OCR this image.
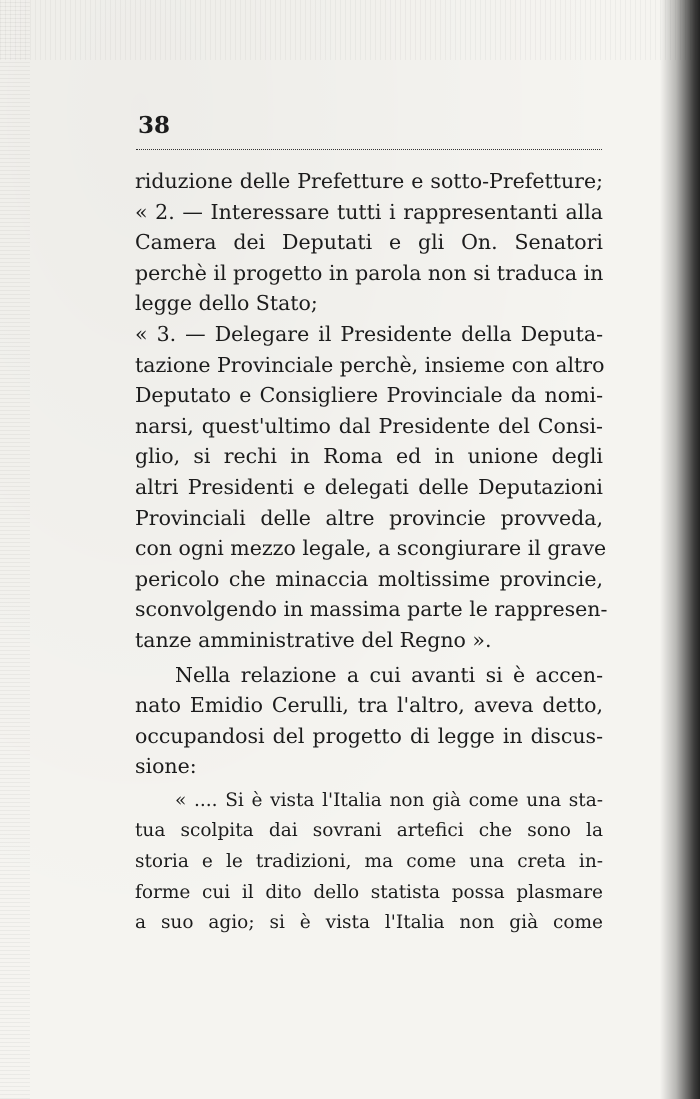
38
riduzione delle Prefetture e sotto-Prefetture;
« 2. — Interessare tutti i rappresentanti alla
Camera dei Deputati e gli On. Senatori
perchè il progetto in parola non si traduca in
legge dello Stato;
« 3. — Delegare il Presidente della Deputa-
tazione Provinciale perchè, insieme con altro
Deputato e Consigliere Provinciale da nomi-
narsi, quest'ultimo dal Presidente del Consi-
glio, si rechi in Roma ed in unione degli
altri Presidenti e delegati delle Deputazioni
Provinciali delle altre provincie provveda,
con ogni mezzo legale, a scongiurare il grave
pericolo che minaccia moltissime provincie,
sconvolgendo in massima parte le rappresen-
tanze amministrative del Regno ».
Nella relazione a cui avanti si è accen-
nato Emidio Cerulli, tra l'altro, aveva detto,
occupandosi del progetto di legge in discus-
sione:
« .... Si è vista l'Italia non già come una sta-
tua scolpita dai sovrani artefici che sono la
storia e le tradizioni, ma come una creta in-
forme cui il dito dello statista possa plasmare
a suo agio; si è vista l'Italia non già come
